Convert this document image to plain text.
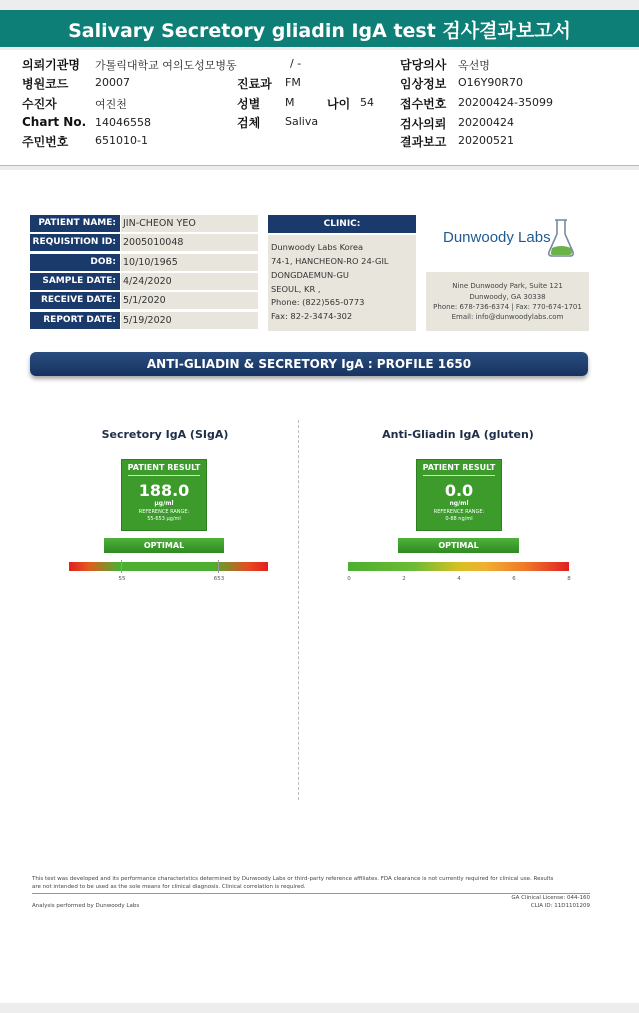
Salivary Secretory gliadin IgA test 검사결과보고서
의뢰기관명 가톨릭대학교 여의도성모병동	/ -	담당의사 옥선명
병원코드 20007	진료과 FM	임상정보 O16Y90R70
수진자	여진천	성별 M	나이 54 접수번호 20200424-35099
Chart No. 14046558	검체 Saliva	검사의뢰 20200424
주민번호 651010-1	결과보고 20200521
PATIENT NAME: JIN-CHEON YEO
REQUISITION ID: 2005010048
DOB: 10/10/1965
SAMPLE DATE: 4/24/2020
RECEIVE DATE: 5/1/2020
REPORT DATE: 5/19/2020
CLINIC:
Dunwoody Labs Korea
74-1, HANCHEON-RO 24-GIL
DONGDAEMUN-GU
SEOUL, KR ,
Phone: (822)565-0773
Fax: 82-2-3474-302
Dunwoody Labs
Nine Dunwoody Park, Suite 121
Dunwoody, GA 30338
Phone: 678-736-6374 | Fax: 770-674-1701
Email: info@dunwoodylabs.com
ANTI-GLIADIN & SECRETORY IgA : PROFILE 1650
Secretory IgA (SIgA)
PATIENT RESULT
188.0
μg/ml
REFERENCE RANGE:
55-653 μg/ml
OPTIMAL
55	653
Anti-Gliadin IgA (gluten)
PATIENT RESULT
0.0
ng/ml
REFERENCE RANGE:
0-88 ng/ml
OPTIMAL
0	2	4	6	8
This test was developed and its performance characteristics determined by Dunwoody Labs or third-party reference affiliates. FDA clearance is not currently required for clinical use. Results
are not intended to be used as the sole means for clinical diagnosis. Clinical correlation is required.
GA Clinical License: 044-160
CLIA ID: 11D1101209
Analysis performed by Dunwoody Labs
